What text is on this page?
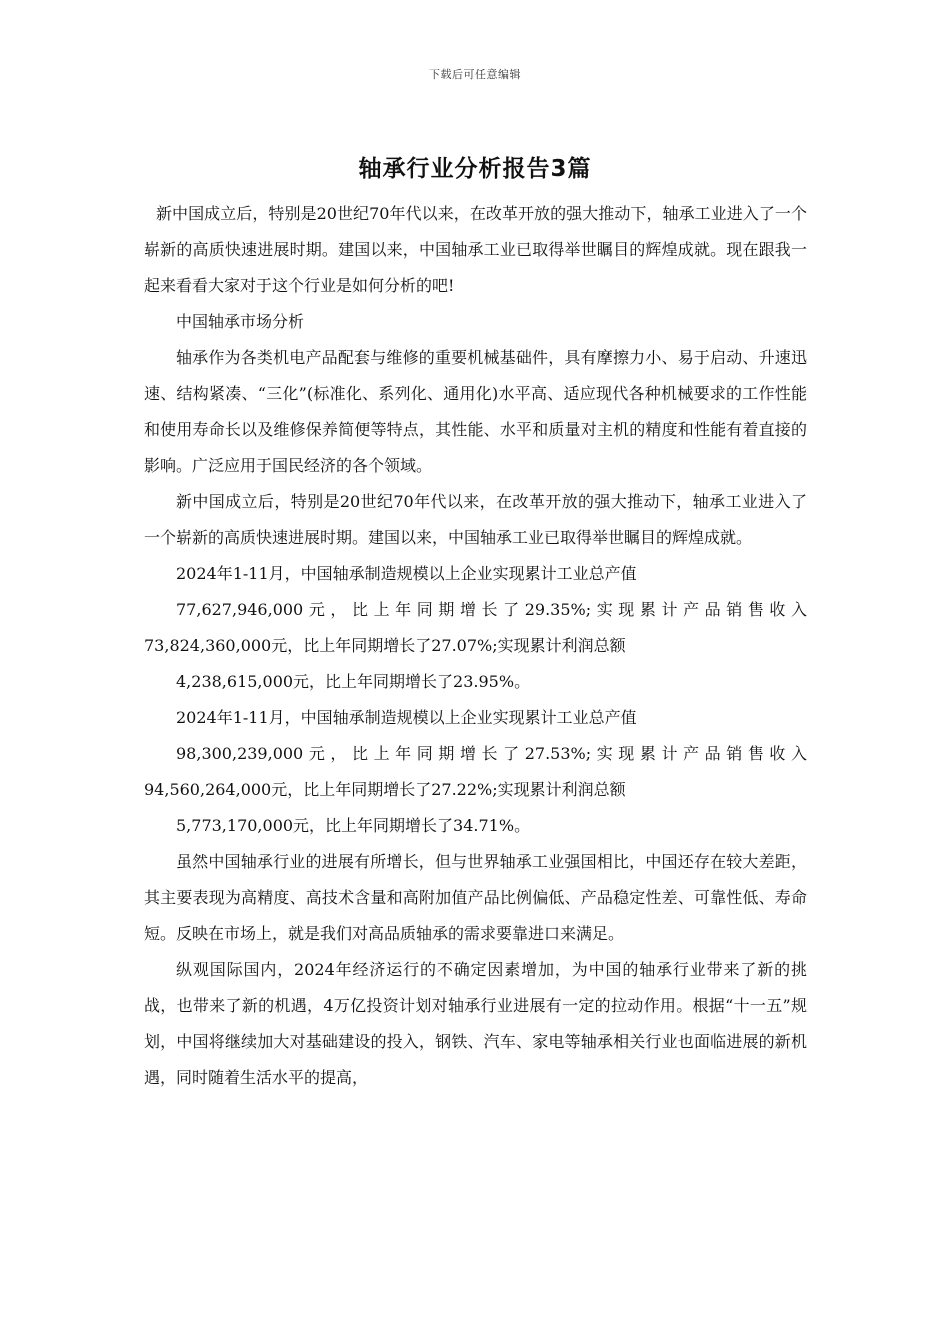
下载后可任意编辑
轴承行业分析报告3篇

新中国成立后，特别是20世纪70年代以来，在改革开放的强大推动下，轴承工业进入了一个崭新的高质快速进展时期。建国以来，中国轴承工业已取得举世瞩目的辉煌成就。现在跟我一起来看看大家对于这个行业是如何分析的吧!

中国轴承市场分析

轴承作为各类机电产品配套与维修的重要机械基础件，具有摩擦力小、易于启动、升速迅速、结构紧凑、“三化”(标准化、系列化、通用化)水平高、适应现代各种机械要求的工作性能和使用寿命长以及维修保养简便等特点，其性能、水平和质量对主机的精度和性能有着直接的影响。广泛应用于国民经济的各个领域。

新中国成立后，特别是20世纪70年代以来，在改革开放的强大推动下，轴承工业进入了一个崭新的高质快速进展时期。建国以来，中国轴承工业已取得举世瞩目的辉煌成就。

2024年1-11月，中国轴承制造规模以上企业实现累计工业总产值

77,627,946,000元，比上年同期增长了29.35%;实现累计产品销售收入73,824,360,000元，比上年同期增长了27.07%;实现累计利润总额

4,238,615,000元，比上年同期增长了23.95%。

2024年1-11月，中国轴承制造规模以上企业实现累计工业总产值

98,300,239,000元，比上年同期增长了27.53%;实现累计产品销售收入94,560,264,000元，比上年同期增长了27.22%;实现累计利润总额

5,773,170,000元，比上年同期增长了34.71%。

虽然中国轴承行业的进展有所增长，但与世界轴承工业强国相比，中国还存在较大差距，其主要表现为高精度、高技术含量和高附加值产品比例偏低、产品稳定性差、可靠性低、寿命短。反映在市场上，就是我们对高品质轴承的需求要靠进口来满足。

纵观国际国内，2024年经济运行的不确定因素增加，为中国的轴承行业带来了新的挑战，也带来了新的机遇，4万亿投资计划对轴承行业进展有一定的拉动作用。根据“十一五”规划，中国将继续加大对基础建设的投入，钢铁、汽车、家电等轴承相关行业也面临进展的新机遇，同时随着生活水平的提高，
